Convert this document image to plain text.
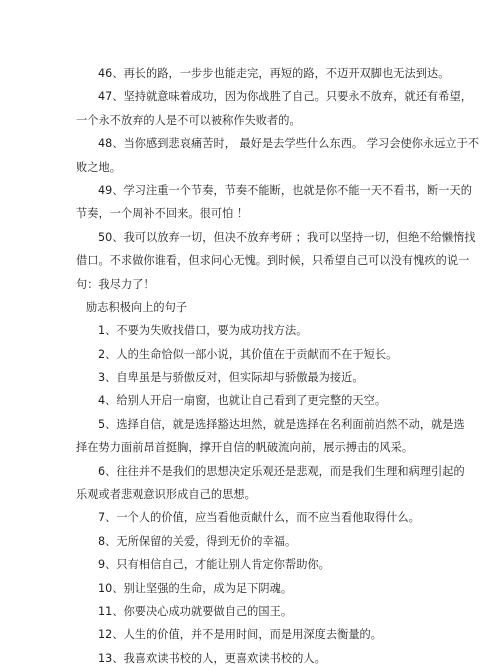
46、再长的路，一步步也能走完，再短的路，不迈开双脚也无法到达。
47、坚持就意味着成功，因为你战胜了自己。只要永不放弃，就还有希望，
一个永不放弃的人是不可以被称作失败者的。
48、当你感到悲哀痛苦时， 最好是去学些什么东西。 学习会使你永远立于不
败之地。
49、学习注重一个节奏，节奏不能断，也就是你不能一天不看书，断一天的
节奏，一个周补不回来。很可怕 ！
50、我可以放弃一切，但决不放弃考研 ；我可以坚持一切，但绝不给懒惰找
借口。不求做你谁看，但求问心无愧。到时候，只希望自己可以没有愧疚的说一
句：我尽力了！
励志积极向上的句子
1、不要为失败找借口，要为成功找方法。
2、人的生命恰似一部小说，其价值在于贡献而不在于短长。
3、自卑虽是与骄傲反对，但实际却与骄傲最为接近。
4、给别人开启一扇窗，也就让自己看到了更完整的天空。
5、选择自信，就是选择豁达坦然，就是选择在名利面前岿然不动，就是选
择在势力面前昂首挺胸，撑开自信的帆破流向前，展示搏击的风采。
6、往往并不是我们的思想决定乐观还是悲观，而是我们生理和病理引起的
乐观或者悲观意识形成自己的思想。
7、一个人的价值，应当看他贡献什么，而不应当看他取得什么。
8、无所保留的关爱，得到无价的幸福。
9、只有相信自己，才能让别人肯定你帮助你。
10、别让坚强的生命，成为足下阴魂。
11、你要决心成功就要做自己的国王。
12、人生的价值，并不是用时间，而是用深度去衡量的。
13、我喜欢读书校的人，更喜欢读书校的人。
